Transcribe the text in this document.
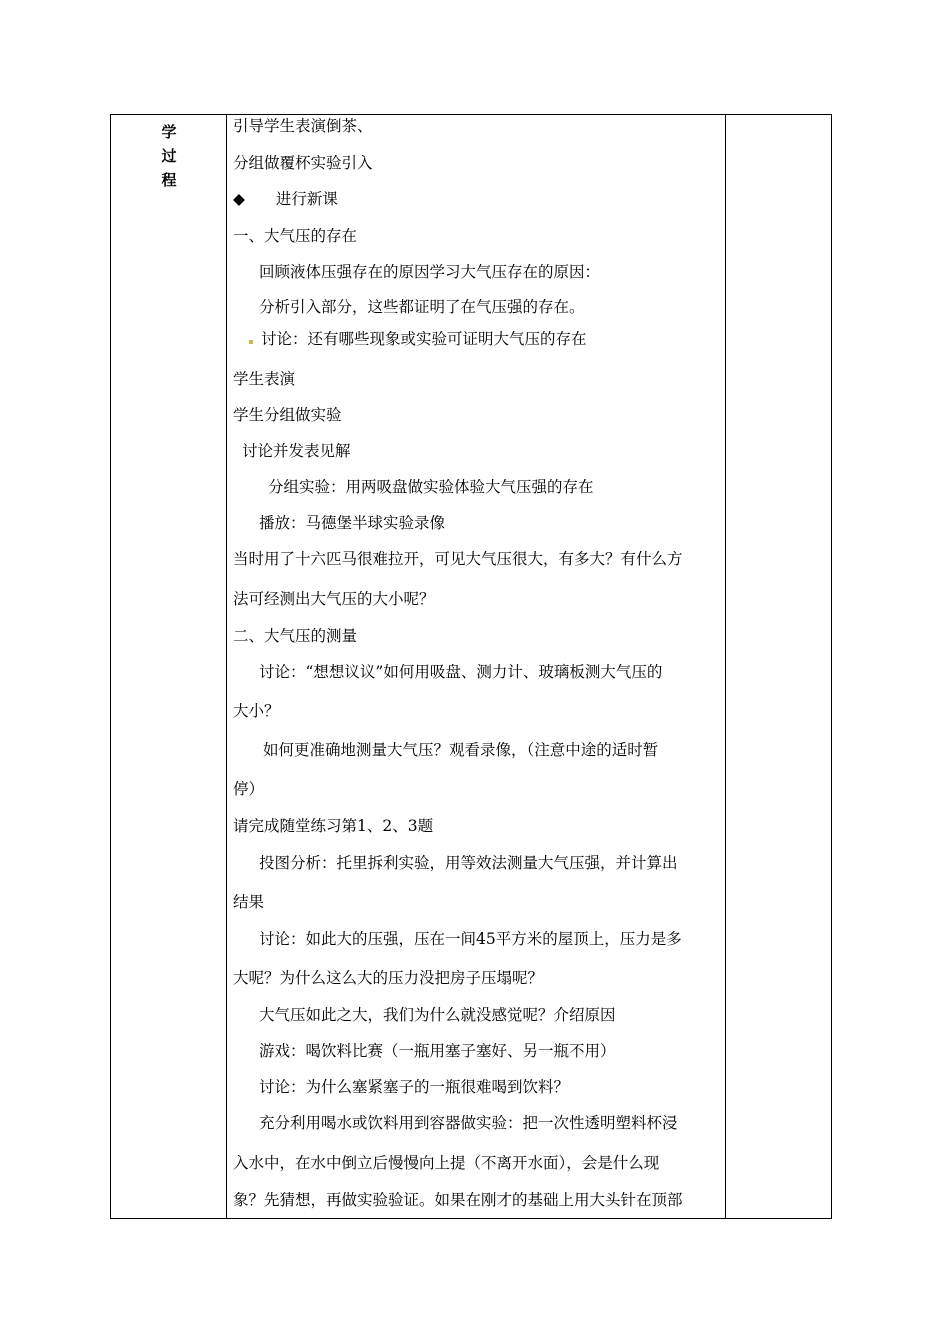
学
过
程
引导学生表演倒茶、
分组做覆杯实验引入
◆　　进行新课
一、大气压的存在
回顾液体压强存在的原因学习大气压存在的原因：
分析引入部分，这些都证明了在气压强的存在。
讨论：还有哪些现象或实验可证明大气压的存在
学生表演
学生分组做实验
讨论并发表见解
分组实验：用两吸盘做实验体验大气压强的存在
播放：马德堡半球实验录像
当时用了十六匹马很难拉开，可见大气压很大，有多大？有什么方
法可经测出大气压的大小呢？
二、大气压的测量
讨论：“想想议议”如何用吸盘、测力计、玻璃板测大气压的
大小？
如何更准确地测量大气压？观看录像，（注意中途的适时暂
停）
请完成随堂练习第1、2、3题
投图分析：托里拆利实验，用等效法测量大气压强，并计算出
结果
讨论：如此大的压强，压在一间45平方米的屋顶上，压力是多
大呢？为什么这么大的压力没把房子压塌呢？
大气压如此之大，我们为什么就没感觉呢？介绍原因
游戏：喝饮料比赛（一瓶用塞子塞好、另一瓶不用）
讨论：为什么塞紧塞子的一瓶很难喝到饮料？
充分利用喝水或饮料用到容器做实验：把一次性透明塑料杯浸
入水中，在水中倒立后慢慢向上提（不离开水面），会是什么现
象？先猜想，再做实验验证。如果在刚才的基础上用大头针在顶部
